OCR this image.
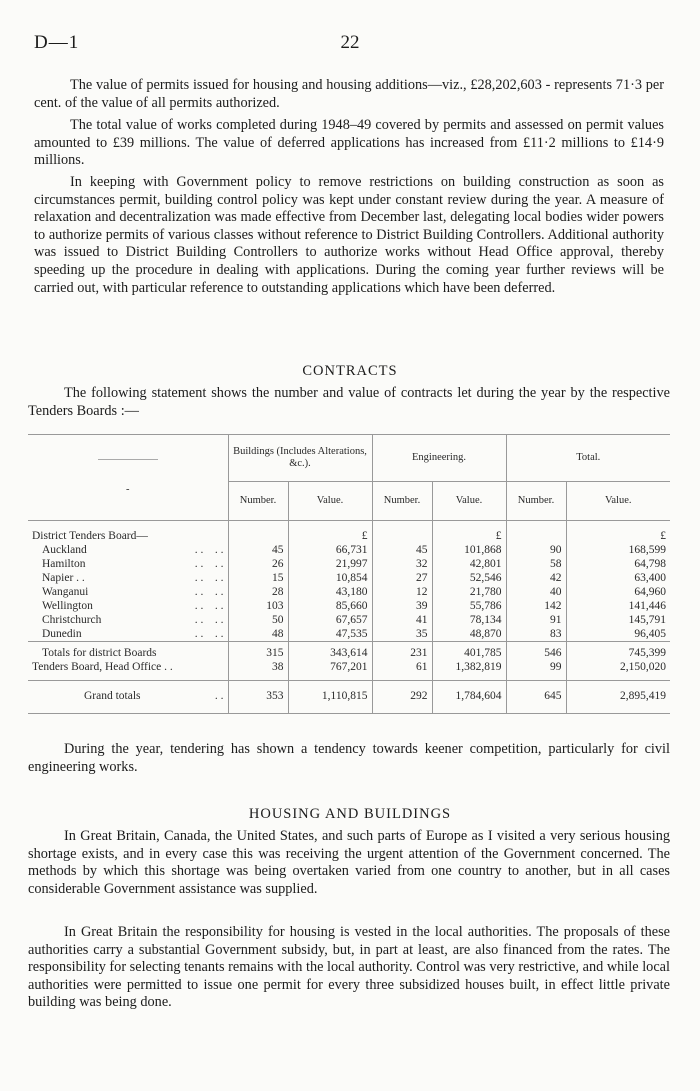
D—1	22

The value of permits issued for housing and housing additions—viz., £28,202,603 - represents 71·3 per cent. of the value of all permits authorized.

The total value of works completed during 1948–49 covered by permits and assessed on permit values amounted to £39 millions. The value of deferred applications has increased from £11·2 millions to £14·9 millions.

In keeping with Government policy to remove restrictions on building construction as soon as circumstances permit, building control policy was kept under constant review during the year. A measure of relaxation and decentralization was made effective from December last, delegating local bodies wider powers to authorize permits of various classes without reference to District Building Controllers. Additional authority was issued to District Building Controllers to authorize works without Head Office approval, thereby speeding up the procedure in dealing with applications. During the coming year further reviews will be carried out, with particular reference to outstanding applications which have been deferred.

CONTRACTS

The following statement shows the number and value of contracts let during the year by the respective Tenders Boards :—

-	Buildings (Includes Alterations, &c.).		Engineering.		Total.	
	Number.	Value.	Number.	Value.	Number.	Value.
District Tenders Board—		£		£		£
Auckland . .    . .	45	66,731	45	101,868	90	168,599
Hamilton . .    . .	26	21,997	32	42,801	58	64,798
Napier . . . .    . .	15	10,854	27	52,546	42	63,400
Wanganui . .    . .	28	43,180	12	21,780	40	64,960
Wellington . .    . .	103	85,660	39	55,786	142	141,446
Christchurch . .    . .	50	67,657	41	78,134	91	145,791
Dunedin . .    . .	48	47,535	35	48,870	83	96,405
Totals for district Boards	315	343,614	231	401,785	546	745,399
Tenders Board, Head Office . .	38	767,201	61	1,382,819	99	2,150,020
Grand totals . .	353	1,110,815	292	1,784,604	645	2,895,419

During the year, tendering has shown a tendency towards keener competition, particularly for civil engineering works.

HOUSING AND BUILDINGS

In Great Britain, Canada, the United States, and such parts of Europe as I visited a very serious housing shortage exists, and in every case this was receiving the urgent attention of the Government concerned. The methods by which this shortage was being overtaken varied from one country to another, but in all cases considerable Government assistance was supplied.

In Great Britain the responsibility for housing is vested in the local authorities. The proposals of these authorities carry a substantial Government subsidy, but, in part at least, are also financed from the rates. The responsibility for selecting tenants remains with the local authority. Control was very restrictive, and while local authorities were permitted to issue one permit for every three subsidized houses built, in effect little private building was being done.
